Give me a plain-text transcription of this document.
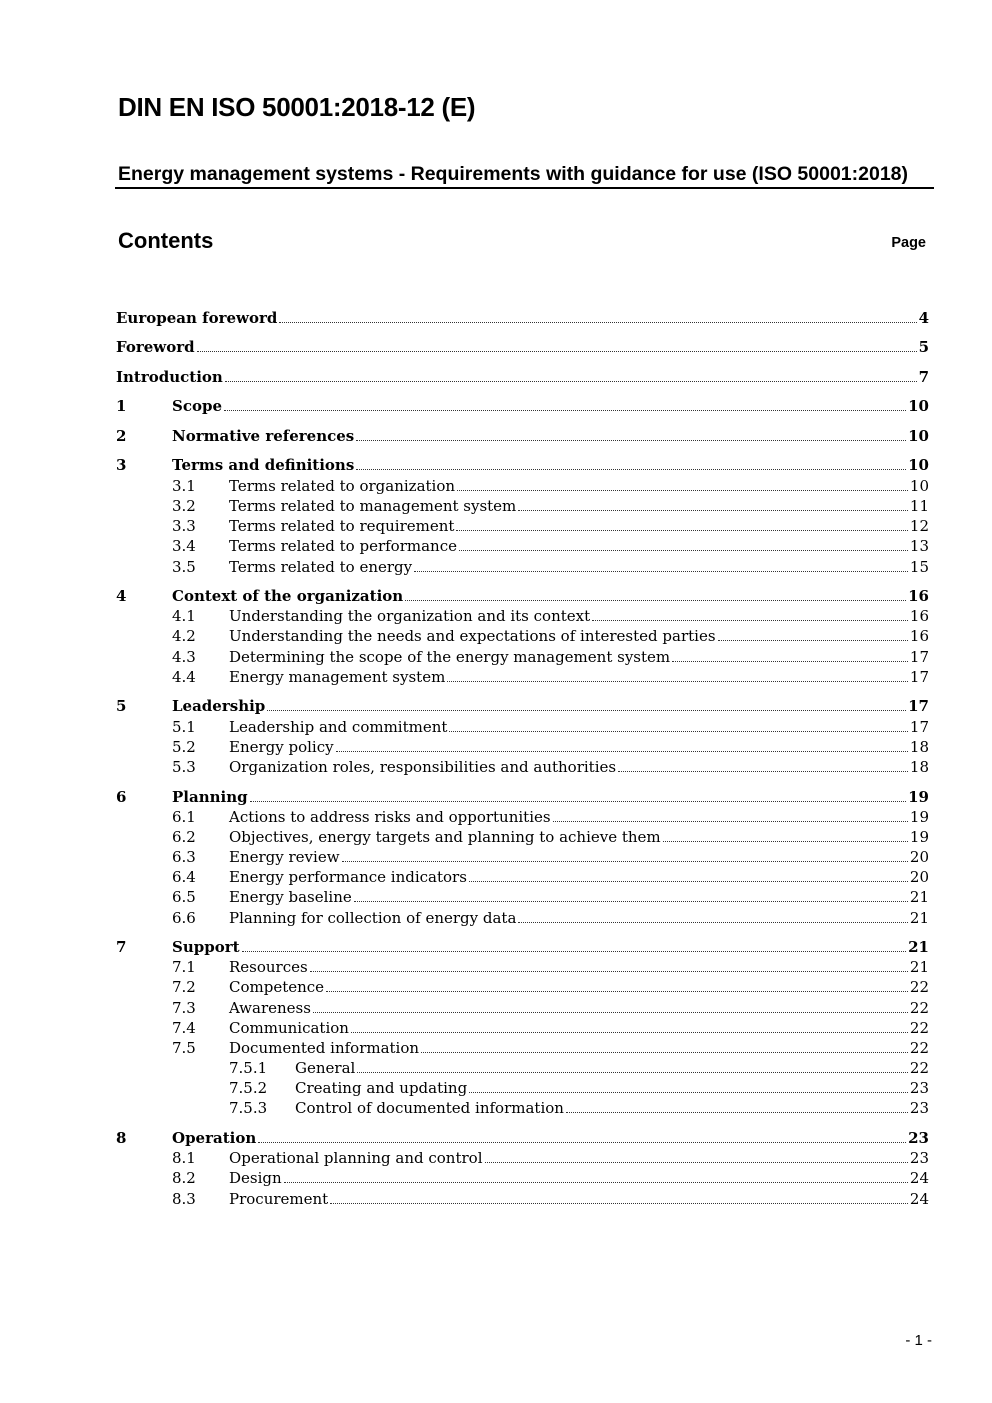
DIN EN ISO 50001:2018-12 (E)
Energy management systems - Requirements with guidance for use (ISO 50001:2018)
Contents	Page
European foreword	4
Foreword	5
Introduction	7
1	Scope	10
2	Normative references	10
3	Terms and definitions	10
3.1	Terms related to organization	10
3.2	Terms related to management system	11
3.3	Terms related to requirement	12
3.4	Terms related to performance	13
3.5	Terms related to energy	15
4	Context of the organization	16
4.1	Understanding the organization and its context	16
4.2	Understanding the needs and expectations of interested parties	16
4.3	Determining the scope of the energy management system	17
4.4	Energy management system	17
5	Leadership	17
5.1	Leadership and commitment	17
5.2	Energy policy	18
5.3	Organization roles, responsibilities and authorities	18
6	Planning	19
6.1	Actions to address risks and opportunities	19
6.2	Objectives, energy targets and planning to achieve them	19
6.3	Energy review	20
6.4	Energy performance indicators	20
6.5	Energy baseline	21
6.6	Planning for collection of energy data	21
7	Support	21
7.1	Resources	21
7.2	Competence	22
7.3	Awareness	22
7.4	Communication	22
7.5	Documented information	22
7.5.1	General	22
7.5.2	Creating and updating	23
7.5.3	Control of documented information	23
8	Operation	23
8.1	Operational planning and control	23
8.2	Design	24
8.3	Procurement	24
- 1 -
